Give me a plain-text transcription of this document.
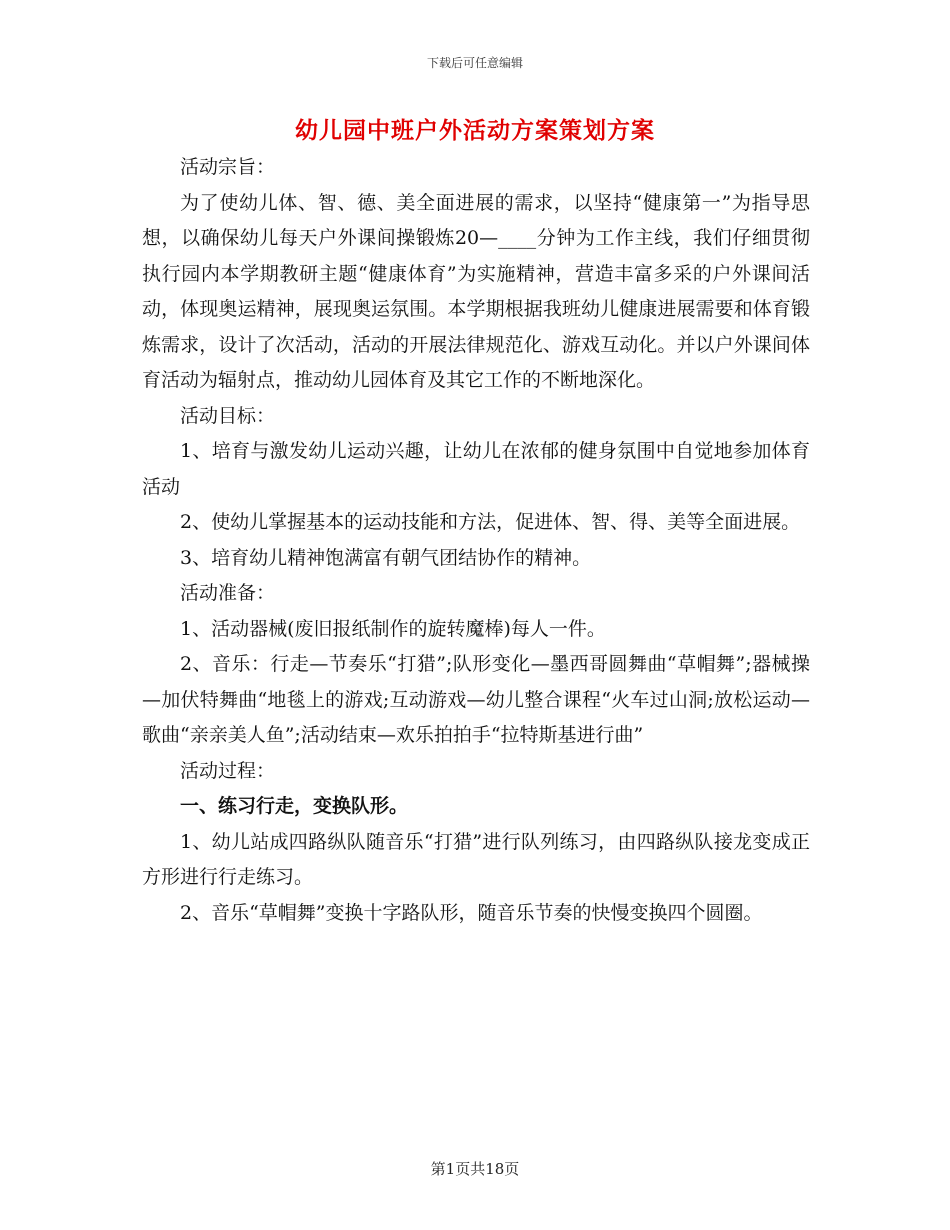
下载后可任意编辑
幼儿园中班户外活动方案策划方案

活动宗旨：

为了使幼儿体、智、德、美全面进展的需求，以坚持“健康第一”为指导思想，以确保幼儿每天户外课间操锻炼20—____分钟为工作主线，我们仔细贯彻执行园内本学期教研主题“健康体育”为实施精神，营造丰富多采的户外课间活动，体现奥运精神，展现奥运氛围。本学期根据我班幼儿健康进展需要和体育锻炼需求，设计了次活动，活动的开展法律规范化、游戏互动化。并以户外课间体育活动为辐射点，推动幼儿园体育及其它工作的不断地深化。

活动目标：

1、培育与激发幼儿运动兴趣，让幼儿在浓郁的健身氛围中自觉地参加体育活动

2、使幼儿掌握基本的运动技能和方法，促进体、智、得、美等全面进展。

3、培育幼儿精神饱满富有朝气团结协作的精神。

活动准备：

1、活动器械(废旧报纸制作的旋转魔棒)每人一件。

2、音乐：行走—节奏乐“打猎”;队形变化—墨西哥圆舞曲“草帽舞”;器械操—加伏特舞曲“地毯上的游戏;互动游戏—幼儿整合课程“火车过山洞;放松运动—歌曲“亲亲美人鱼”;活动结束—欢乐拍拍手“拉特斯基进行曲”

活动过程：

一、练习行走，变换队形。

1、幼儿站成四路纵队随音乐“打猎”进行队列练习，由四路纵队接龙变成正方形进行行走练习。

2、音乐“草帽舞”变换十字路队形，随音乐节奏的快慢变换四个圆圈。

第1页共18页
